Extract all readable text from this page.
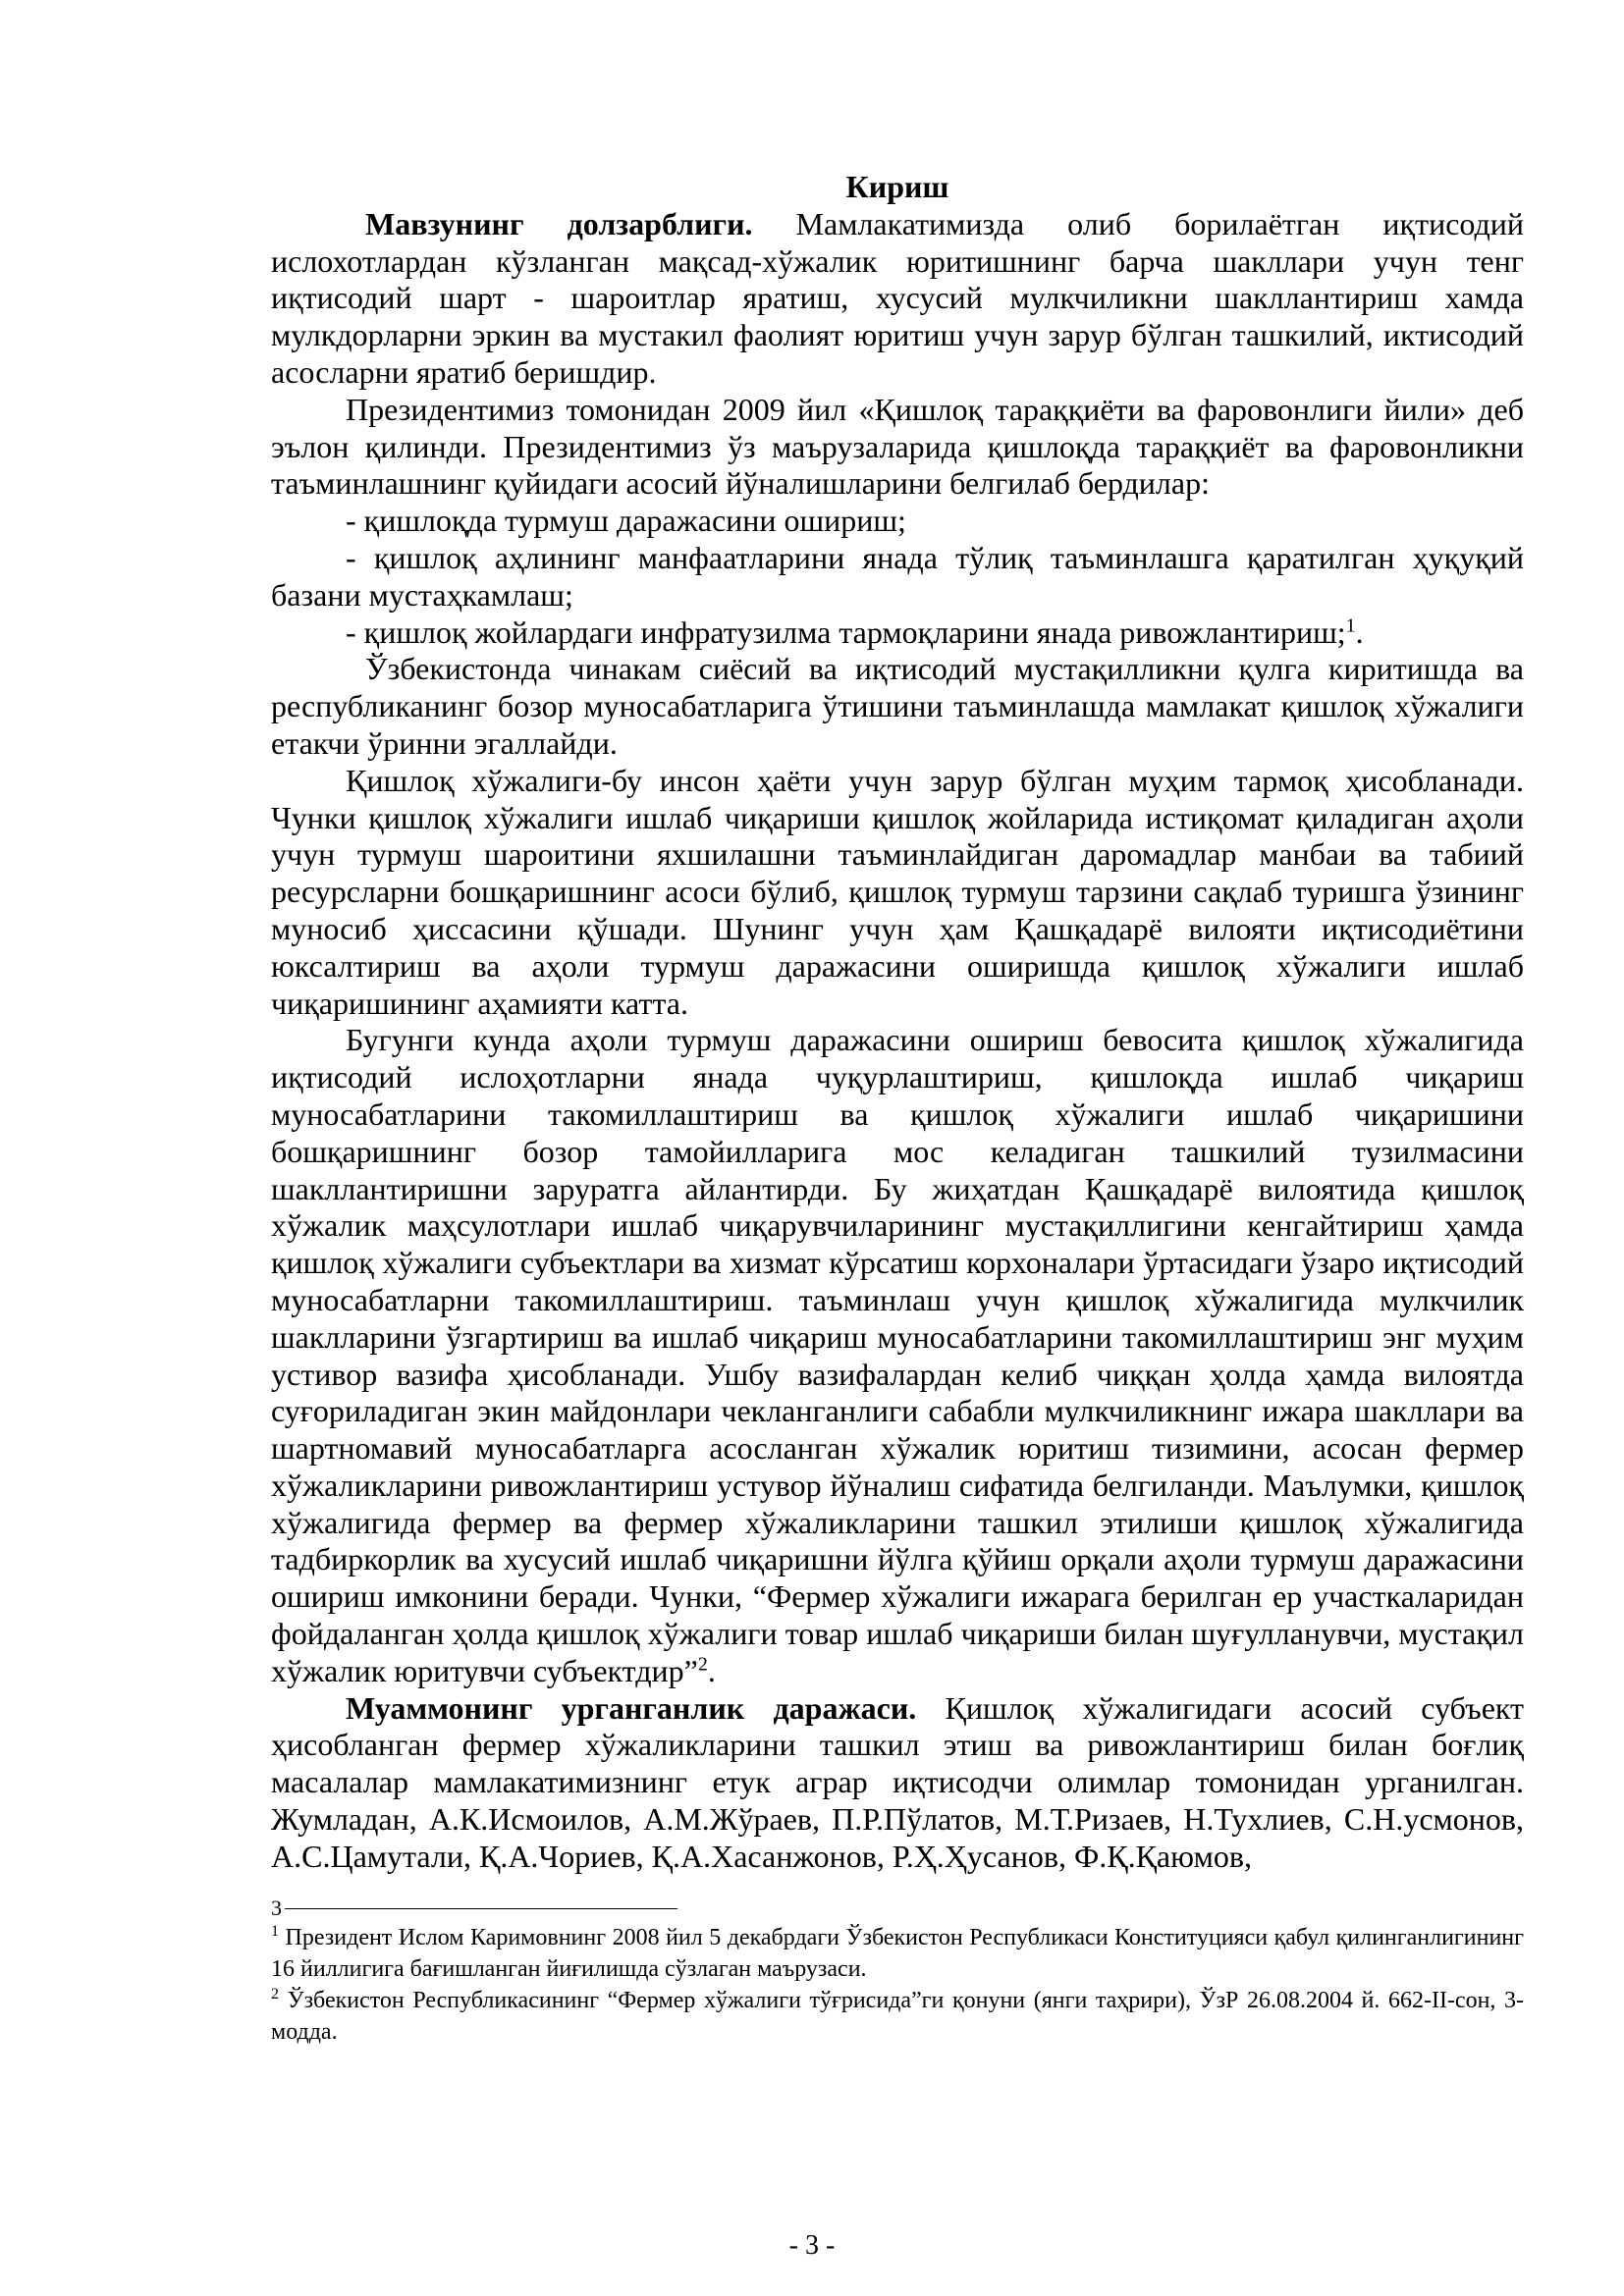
Кириш

Мавзунинг долзарблиги. Мамлакатимизда олиб борилаётган иқтисодий ислохотлардан кўзланган мақсад-хўжалик юритишнинг барча шакллари учун тенг иқтисодий шарт - шароитлар яратиш, хусусий мулкчиликни шакллантириш хамда мулкдорларни эркин ва мустакил фаолият юритиш учун зарур бўлган ташкилий, иктисодий асосларни яратиб беришдир.

Президентимиз томонидан 2009 йил «Қишлоқ тараққиёти ва фаровонлиги йили» деб эълон қилинди. Президентимиз ўз маърузаларида қишлоқда тараққиёт ва фаровонликни таъминлашнинг қуйидаги асосий йўналишларини белгилаб бердилар:

- қишлоқда турмуш даражасини ошириш;

- қишлоқ аҳлининг манфаатларини янада тўлиқ таъминлашга қаратилган ҳуқуқий базани мустаҳкамлаш;

- қишлоқ жойлардаги инфратузилма тармоқларини янада ривожлантириш;$^1$.

Ўзбекистонда чинакам сиёсий ва иқтисодий мустақилликни қулга киритишда ва республиканинг бозор муносабатларига ўтишини таъминлашда мамлакат қишлоқ хўжалиги етакчи ўринни эгаллайди.

Қишлоқ хўжалиги-бу инсон ҳаёти учун зарур бўлган муҳим тармоқ ҳисобланади. Чунки қишлоқ хўжалиги ишлаб чиқариши қишлоқ жойларида истиқомат қиладиган аҳоли учун турмуш шароитини яхшилашни таъминлайдиган даромадлар манбаи ва табиий ресурсларни бошқаришнинг асоси бўлиб, қишлоқ турмуш тарзини сақлаб туришга ўзининг муносиб ҳиссасини қўшади. Шунинг учун ҳам Қашқадарё вилояти иқтисодиётини юксалтириш ва аҳоли турмуш даражасини оширишда қишлоқ хўжалиги ишлаб чиқаришининг аҳамияти катта.

Бугунги кунда аҳоли турмуш даражасини ошириш бевосита қишлоқ хўжалигида иқтисодий ислоҳотларни янада чуқурлаштириш, қишлоқда ишлаб чиқариш муносабатларини такомиллаштириш ва қишлоқ хўжалиги ишлаб чиқаришини бошқаришнинг бозор тамойилларига мос келадиган ташкилий тузилмасини шакллантиришни заруратга айлантирди. Бу жиҳатдан Қашқадарё вилоятида қишлоқ хўжалик маҳсулотлари ишлаб чиқарувчиларининг мустақиллигини кенгайтириш ҳамда қишлоқ хўжалиги субъектлари ва хизмат кўрсатиш корхоналари ўртасидаги ўзаро иқтисодий муносабатларни такомиллаштириш. таъминлаш учун қишлоқ хўжалигида мулкчилик шаклларини ўзгартириш ва ишлаб чиқариш муносабатларини такомиллаштириш энг муҳим устивор вазифа ҳисобланади. Ушбу вазифалардан келиб чиққан ҳолда ҳамда вилоятда суғориладиган экин майдонлари чекланганлиги сабабли мулкчиликнинг ижара шакллари ва шартномавий муносабатларга асосланган хўжалик юритиш тизимини, асосан фермер хўжаликларини ривожлантириш устувор йўналиш сифатида белгиланди. Маълумки, қишлоқ хўжалигида фермер ва фермер хўжаликларини ташкил этилиши қишлоқ хўжалигида тадбиркорлик ва хусусий ишлаб чиқаришни йўлга қўйиш орқали аҳоли турмуш даражасини ошириш имконини беради. Чунки, “Фермер хўжалиги ижарага берилган ер участкаларидан фойдаланган ҳолда қишлоқ хўжалиги товар ишлаб чиқариши билан шуғулланувчи, мустақил хўжалик юритувчи субъектдир”$^2$.

Муаммонинг урганганлик даражаси. Қишлоқ хўжалигидаги асосий субъект ҳисобланган фермер хўжаликларини ташкил этиш ва ривожлантириш билан боғлиқ масалалар мамлакатимизнинг етук аграр иқтисодчи олимлар томонидан урганилган. Жумладан, А.К.Исмоилов, А.М.Жўраев, П.Р.Пўлатов, М.Т.Ризаев, Н.Тухлиев, С.Н.усмонов, А.С.Цамутали, Қ.А.Чориев, Қ.А.Хасанжонов, Р.Ҳ.Ҳусанов, Ф.Қ.Қаюмов,

3

$^1$ Президент Ислом Каримовнинг 2008 йил 5 декабрдаги Ўзбекистон Республикаси Конституцияси қабул қилинганлигининг 16 йиллигига бағишланган йиғилишда сўзлаган маърузаси.

$^2$ Ўзбекистон Республикасининг “Фермер хўжалиги тўғрисида”ги қонуни (янги таҳрири), ЎзР 26.08.2004 й. 662-II-сон, 3-модда.

- 3 -
